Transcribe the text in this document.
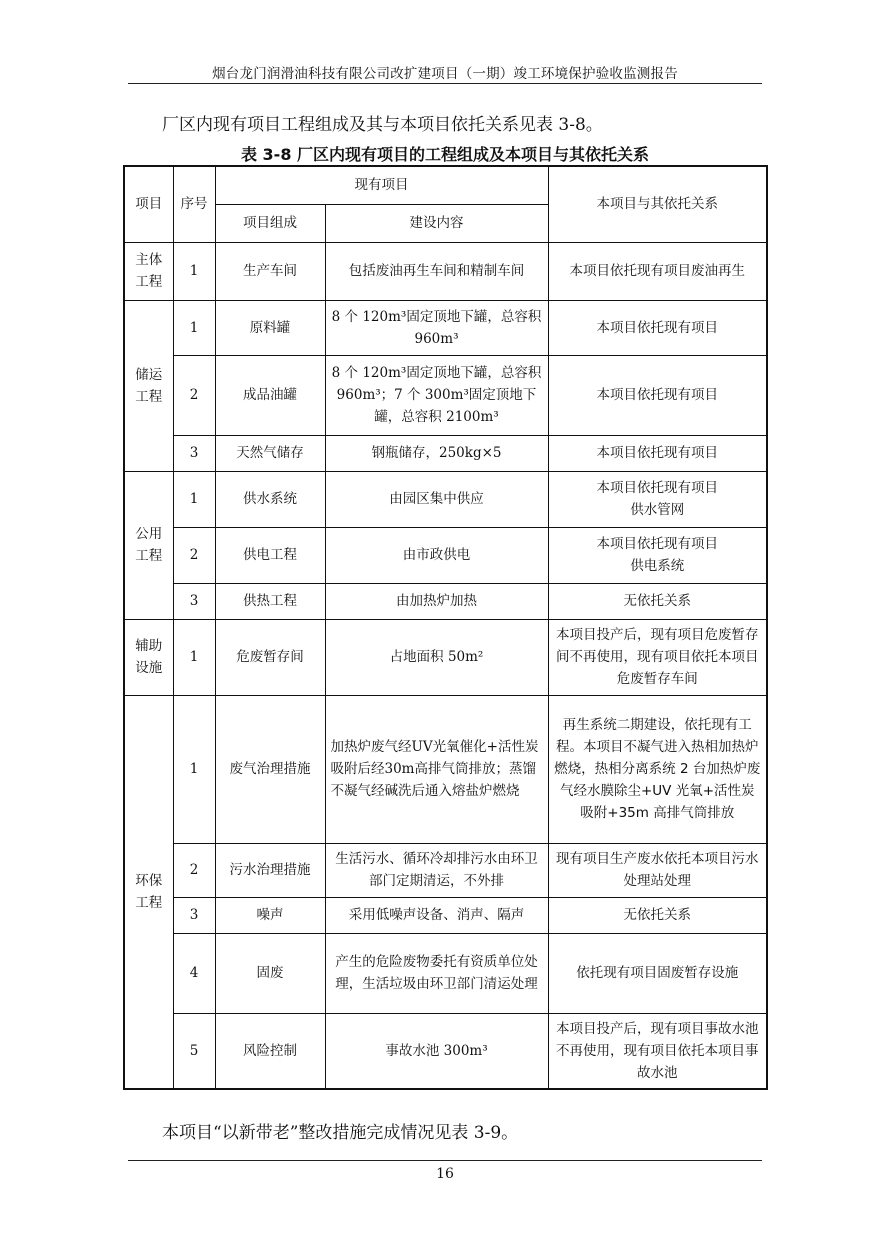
烟台龙门润滑油科技有限公司改扩建项目（一期）竣工环境保护验收监测报告
厂区内现有项目工程组成及其与本项目依托关系见表 3-8。
表 3-8 厂区内现有项目的工程组成及本项目与其依托关系
项目	序号	现有项目		本项目与其依托关系
		项目组成	建设内容	
主体工程	1	生产车间	包括废油再生车间和精制车间	本项目依托现有项目废油再生
储运工程	1	原料罐	8 个 120m³固定顶地下罐，总容积 960m³	本项目依托现有项目
	2	成品油罐	8 个 120m³固定顶地下罐，总容积 960m³；7 个 300m³固定顶地下罐，总容积 2100m³	本项目依托现有项目
	3	天然气储存	钢瓶储存，250kg×5	本项目依托现有项目
公用工程	1	供水系统	由园区集中供应	本项目依托现有项目
供水管网
	2	供电工程	由市政供电	本项目依托现有项目
供电系统
	3	供热工程	由加热炉加热	无依托关系
辅助设施	1	危废暂存间	占地面积 50m²	本项目投产后，现有项目危废暂存间不再使用，现有项目依托本项目危废暂存车间
环保工程	1	废气治理措施	加热炉废气经UV光氧催化+活性炭吸附后经30m高排气筒排放；蒸馏不凝气经碱洗后通入熔盐炉燃烧	再生系统二期建设，依托现有工程。本项目不凝气进入热相加热炉燃烧，热相分离系统 2 台加热炉废气经水膜除尘+UV 光氧+活性炭吸附+35m 高排气筒排放
	2	污水治理措施	生活污水、循环冷却排污水由环卫部门定期清运，不外排	现有项目生产废水依托本项目污水处理站处理
	3	噪声	采用低噪声设备、消声、隔声	无依托关系
	4	固废	产生的危险废物委托有资质单位处理，生活垃圾由环卫部门清运处理	依托现有项目固废暂存设施
	5	风险控制	事故水池 300m³	本项目投产后，现有项目事故水池不再使用，现有项目依托本项目事故水池
本项目“以新带老”整改措施完成情况见表 3-9。
16
